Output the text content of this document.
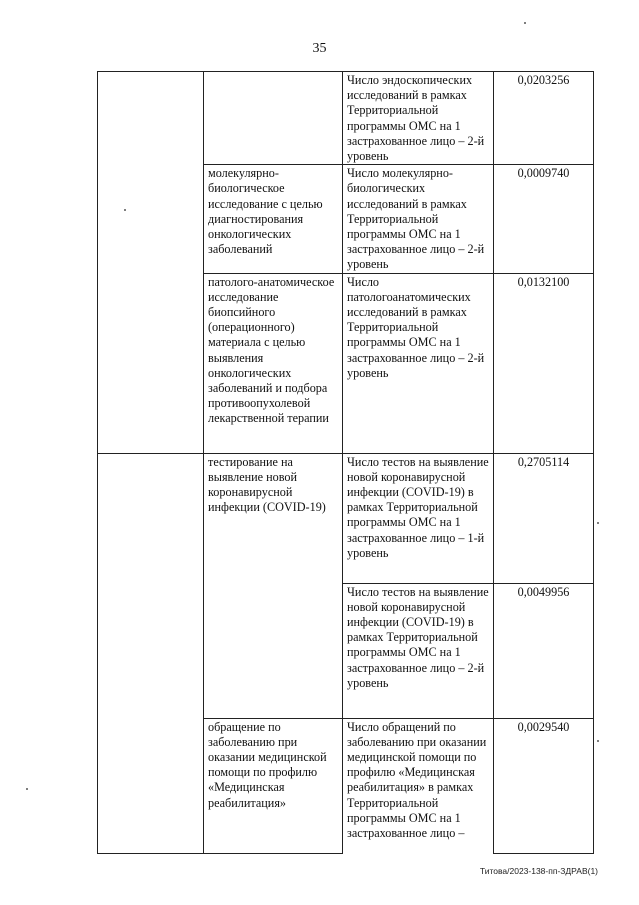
35
		Число эндоскопических исследований в рамках Территориальной программы ОМС на 1 застрахованное лицо – 2-й уровень	0,0203256
	молекулярно-биологическое исследование с целью диагностирования онкологических заболеваний	Число молекулярно-биологических исследований в рамках Территориальной программы ОМС на 1 застрахованное лицо – 2-й уровень	0,0009740
	патолого-анатомическое исследование биопсийного (операционного) материала с целью выявления онкологических заболеваний и подбора противоопухолевой лекарственной терапии	Число патологоанатомических исследований в рамках Территориальной программы ОМС на 1 застрахованное лицо – 2-й уровень	0,0132100
	тестирование на выявление новой коронавирусной инфекции (COVID-19)	Число тестов на выявление новой коронавирусной инфекции (COVID-19) в рамках Территориальной программы ОМС на 1 застрахованное лицо – 1-й уровень	0,2705114
		Число тестов на выявление новой коронавирусной инфекции (COVID-19) в рамках Территориальной программы ОМС на 1 застрахованное лицо – 2-й уровень	0,0049956
	обращение по заболеванию при оказании медицинской помощи по профилю «Медицинская реабилитация»	Число обращений по заболеванию при оказании медицинской помощи по профилю «Медицинская реабилитация» в рамках Территориальной программы ОМС на 1 застрахованное лицо –	0,0029540
Титова/2023-138-пп-ЗДРАВ(1)
